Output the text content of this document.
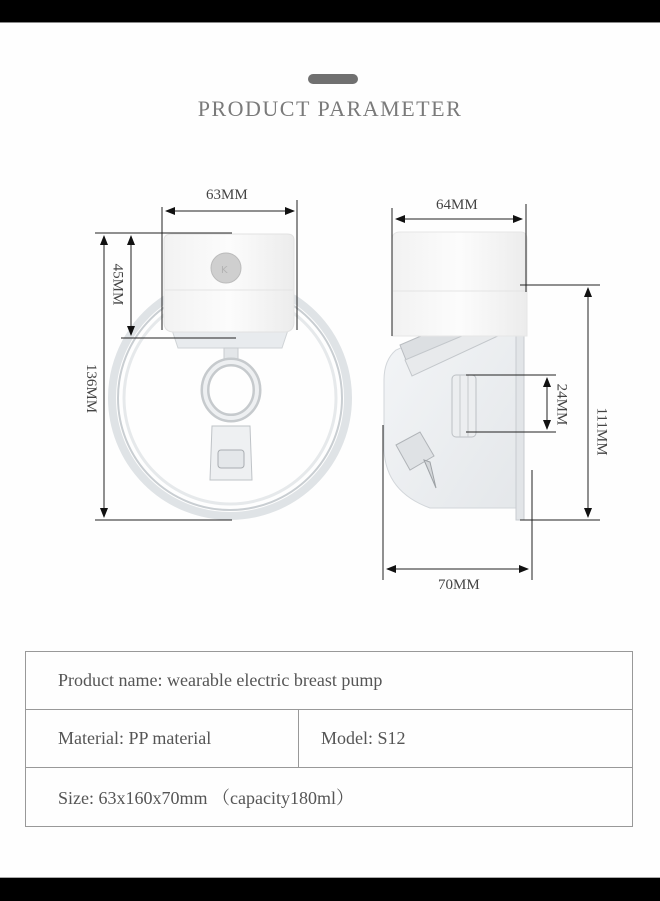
PRODUCT PARAMETER
K
63MM
45MM
136MM
64MM
24MM
111MM
70MM
Product name: wearable electric breast pump
Material: PP material	Model: S12
Size: 63x160x70mm （capacity180ml）
